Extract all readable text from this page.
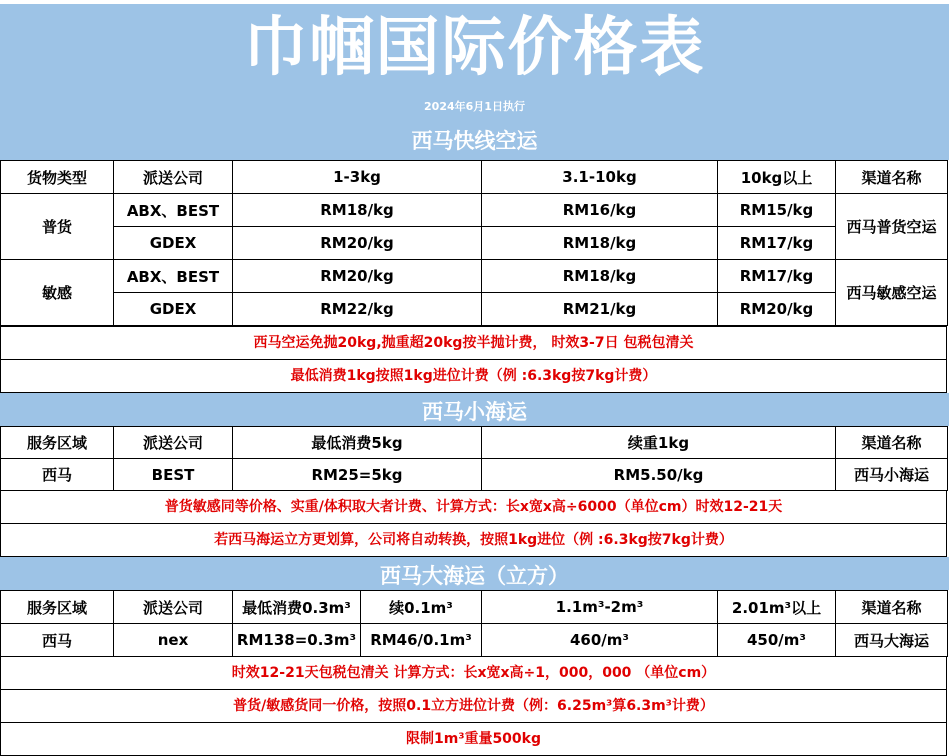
巾帼国际价格表
2024年6月1日执行
西马快线空运
货物类型	派送公司	1-3kg	3.1-10kg	10kg以上	渠道名称
普货	ABX、BEST	RM18/kg	RM16/kg	RM15/kg	西马普货空运
	GDEX	RM20/kg	RM18/kg	RM17/kg	
敏感	ABX、BEST	RM20/kg	RM18/kg	RM17/kg	西马敏感空运
	GDEX	RM22/kg	RM21/kg	RM20/kg	
西马空运免抛20kg,抛重超20kg按半抛计费， 时效3-7日 包税包清关
最低消费1kg按照1kg进位计费（例 :6.3kg按7kg计费）
西马小海运
服务区域	派送公司	最低消费5kg	续重1kg	渠道名称
西马	BEST	RM25=5kg	RM5.50/kg	西马小海运
普货敏感同等价格、实重/体积取大者计费、计算方式：长x宽x高÷6000（单位cm）时效12-21天
若西马海运立方更划算，公司将自动转换，按照1kg进位（例 :6.3kg按7kg计费）
西马大海运（立方）
服务区域	派送公司	最低消费0.3m³	续0.1m³	1.1m³-2m³	2.01m³以上	渠道名称
西马	nex	RM138=0.3m³	RM46/0.1m³	460/m³	450/m³	西马大海运
时效12-21天包税包清关 计算方式：长x宽x高÷1，000，000 （单位cm）
普货/敏感货同一价格，按照0.1立方进位计费（例：6.25m³算6.3m³计费）
限制1m³重量500kg
